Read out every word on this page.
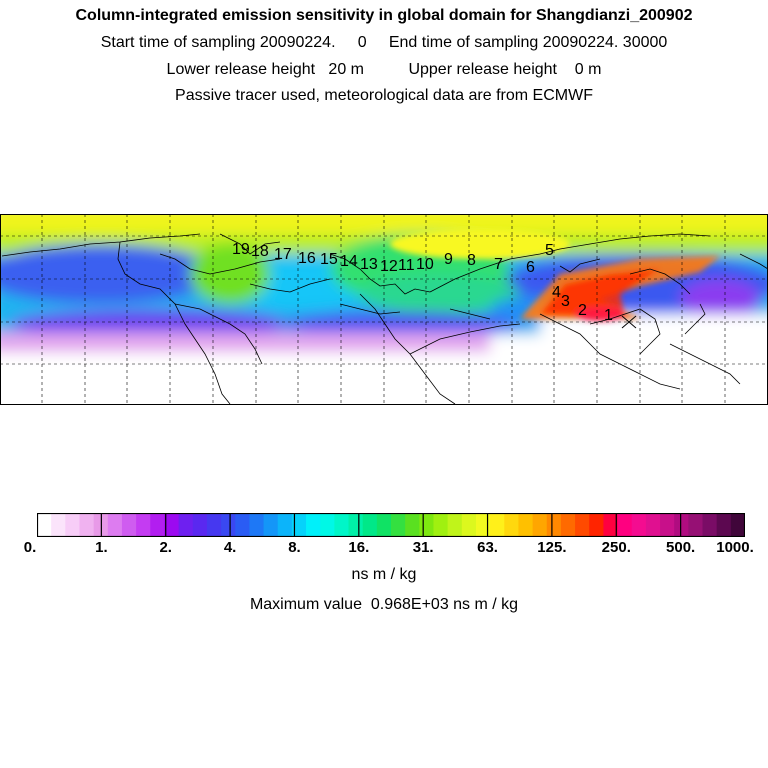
Column-integrated emission sensitivity in global domain for Shangdianzi_200902
Start time of sampling 20090224.     0     End time of sampling 20090224. 30000
Lower release height   20 m          Upper release height    0 m
Passive tracer used, meteorological data are from ECMWF
1
2
3
4
5
6
7
8
9
10
11
12
13
14
15
16
17
18
19
0.	1.	2.	4.	8.	16.	31.	63.	125. 250. 500. 1000.
ns m / kg
Maximum value  0.968E+03 ns m / kg
